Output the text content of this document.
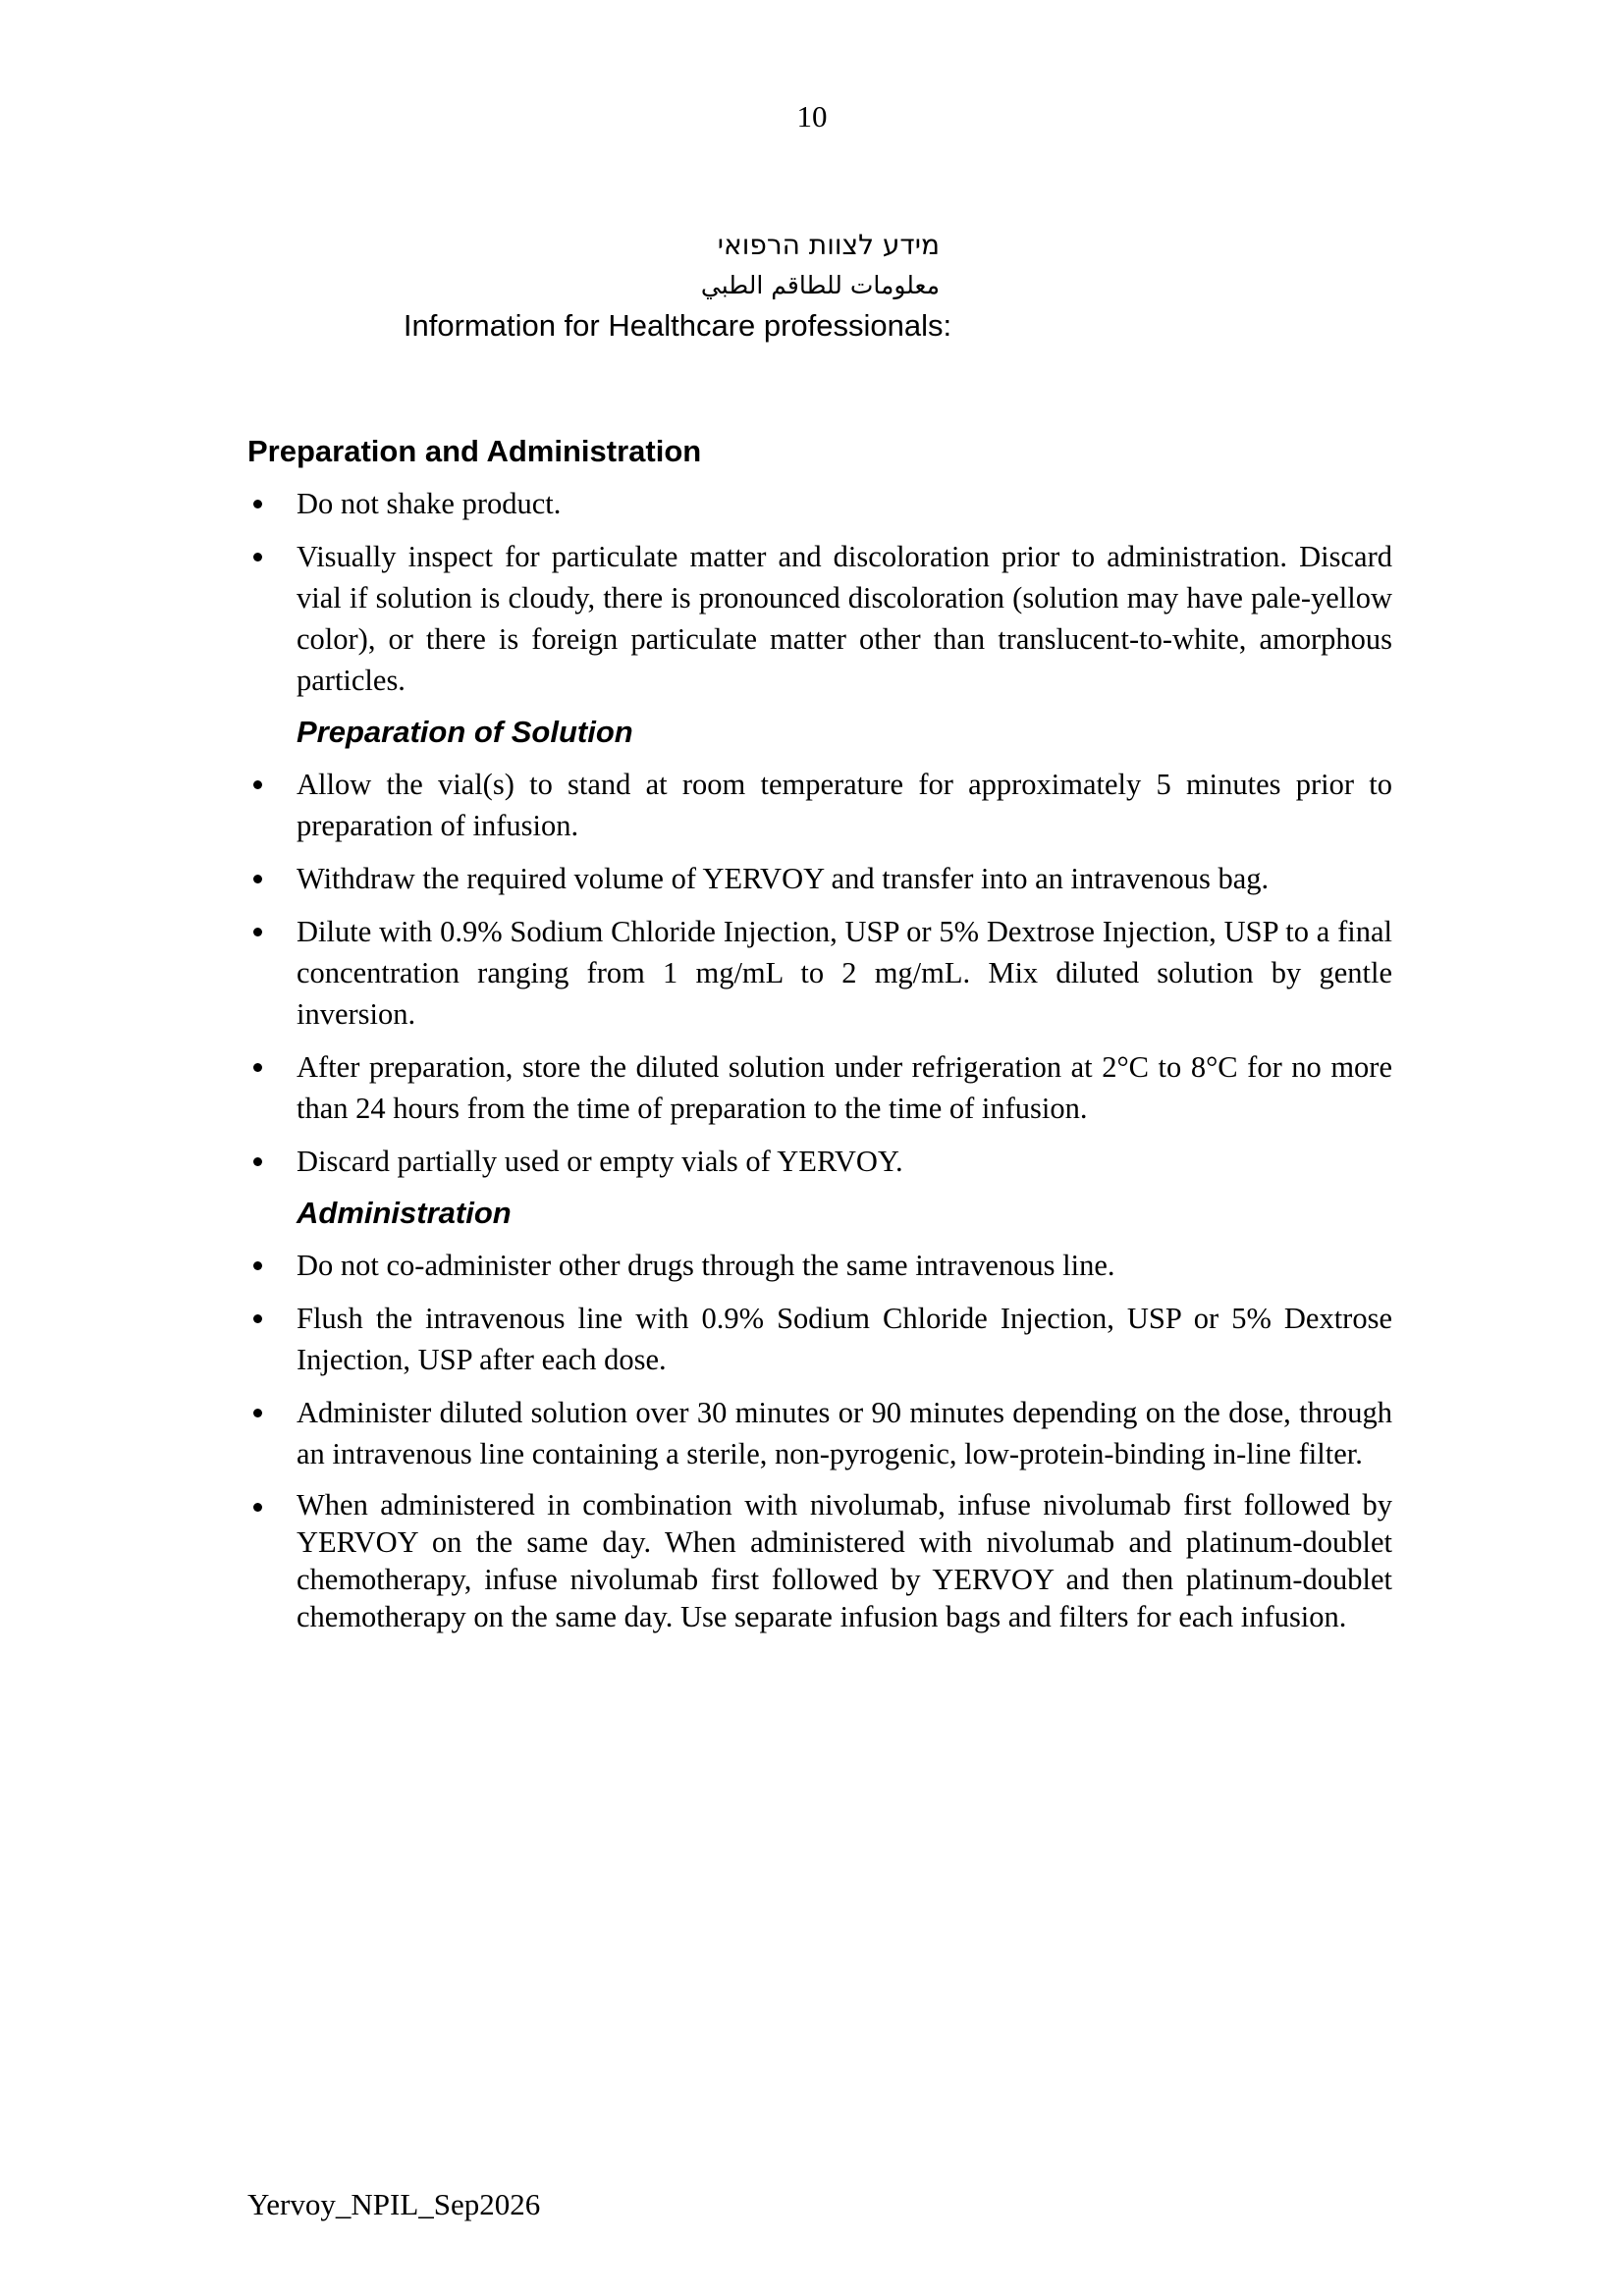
10
מידע לצוות הרפואי
معلومات للطاقم الطبي
Information for Healthcare professionals:
Preparation and Administration
Do not shake product.
Visually inspect for particulate matter and discoloration prior to administration. Discard vial if solution is cloudy, there is pronounced discoloration (solution may have pale-yellow color), or there is foreign particulate matter other than translucent-to-white, amorphous particles.
Preparation of Solution
Allow the vial(s) to stand at room temperature for approximately 5 minutes prior to preparation of infusion.
Withdraw the required volume of YERVOY and transfer into an intravenous bag.
Dilute with 0.9% Sodium Chloride Injection, USP or 5% Dextrose Injection, USP to a final concentration ranging from 1 mg/mL to 2 mg/mL. Mix diluted solution by gentle inversion.
After preparation, store the diluted solution under refrigeration at 2°C to 8°C for no more than 24 hours from the time of preparation to the time of infusion.
Discard partially used or empty vials of YERVOY.
Administration
Do not co-administer other drugs through the same intravenous line.
Flush the intravenous line with 0.9% Sodium Chloride Injection, USP or 5% Dextrose Injection, USP after each dose.
Administer diluted solution over 30 minutes or 90 minutes depending on the dose, through an intravenous line containing a sterile, non-pyrogenic, low-protein-binding in-line filter.
When administered in combination with nivolumab, infuse nivolumab first followed by YERVOY on the same day. When administered with nivolumab and platinum-doublet chemotherapy, infuse nivolumab first followed by YERVOY and then platinum-doublet chemotherapy on the same day. Use separate infusion bags and filters for each infusion.
Yervoy_NPIL_Sep2026
